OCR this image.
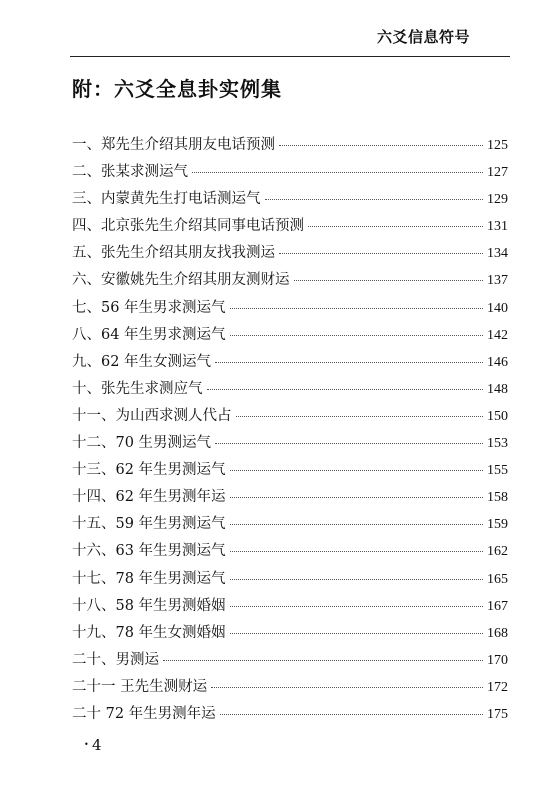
六爻信息符号
附：六爻全息卦实例集
一、郑先生介绍其朋友电话预测	125
二、张某求测运气	127
三、内蒙黄先生打电话测运气	129
四、北京张先生介绍其同事电话预测	131
五、张先生介绍其朋友找我测运	134
六、安徽姚先生介绍其朋友测财运	137
七、56 年生男求测运气	140
八、64 年生男求测运气	142
九、62 年生女测运气	146
十、张先生求测应气	148
十一、为山西求测人代占	150
十二、70 生男测运气	153
十三、62 年生男测运气	155
十四、62 年生男测年运	158
十五、59 年生男测运气	159
十六、63 年生男测运气	162
十七、78 年生男测运气	165
十八、58 年生男测婚姻	167
十九、78 年生女测婚姻	168
二十、男测运	170
二十一 王先生测财运	172
二十 72 年生男测年运	175
• 4
